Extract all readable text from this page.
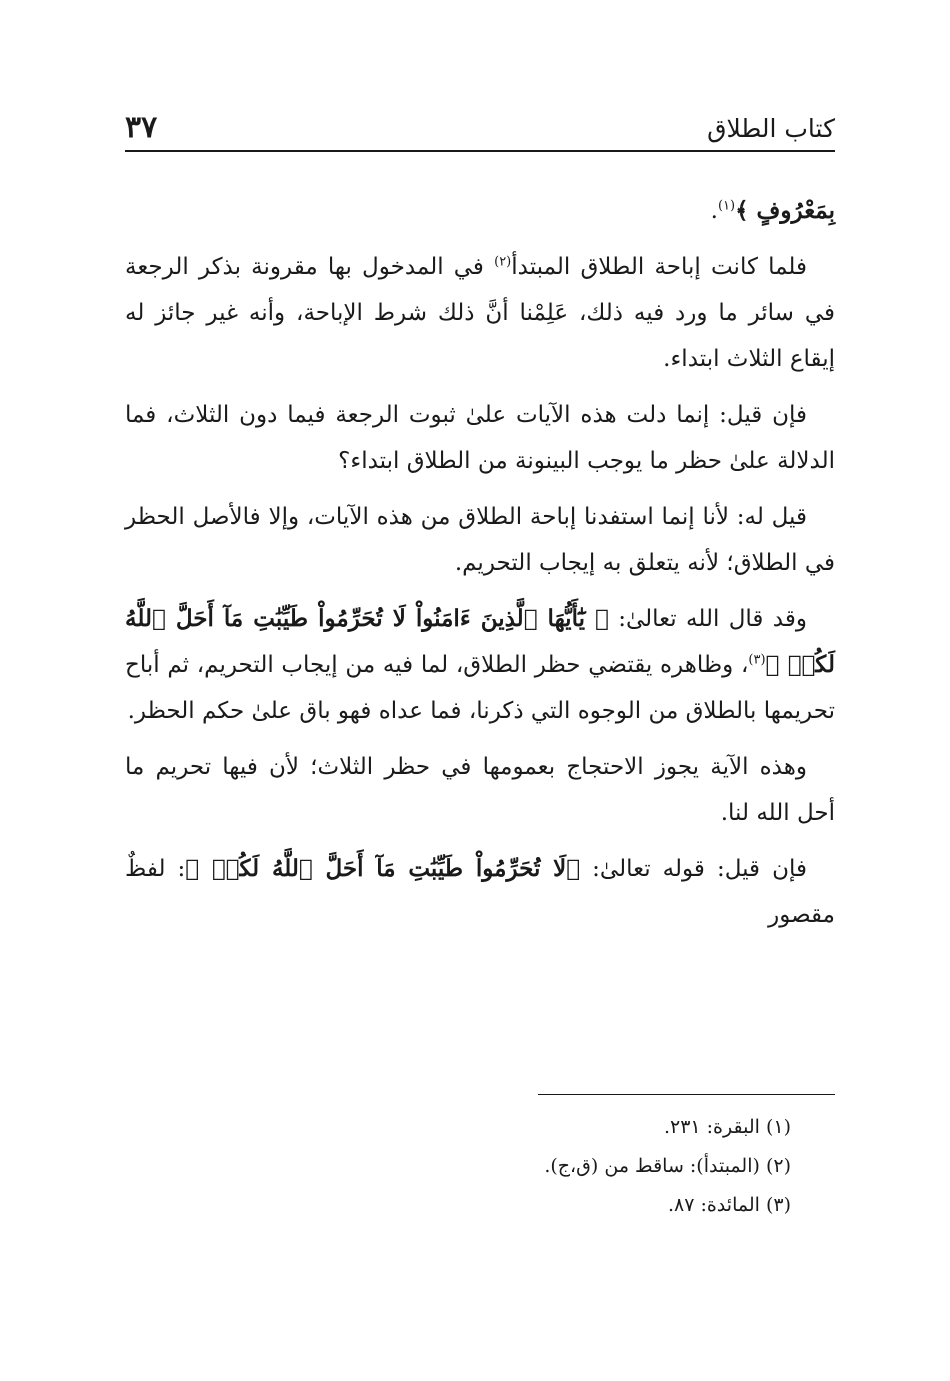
كتاب الطلاق
٣٧

بِمَعْرُوفٍ ﴾$^{(١)}$.

فلما كانت إباحة الطلاق المبتدأ$^{(٢)}$ في المدخول بها مقرونة بذكر الرجعة في سائر ما ورد فيه ذلك، عَلِمْنا أنَّ ذلك شرط الإباحة، وأنه غير جائز له إيقاع الثلاث ابتداء.

فإن قيل: إنما دلت هذه الآيات علىٰ ثبوت الرجعة فيما دون الثلاث، فما الدلالة علىٰ حظر ما يوجب البينونة من الطلاق ابتداء؟

قيل له: لأنا إنما استفدنا إباحة الطلاق من هذه الآيات، وإلا فالأصل الحظر في الطلاق؛ لأنه يتعلق به إيجاب التحريم.

وقد قال الله تعالىٰ: ﴿ يَٰٓأَيُّهَا ٱلَّذِينَ ءَامَنُواْ لَا تُحَرِّمُواْ طَيِّبَٰتِ مَآ أَحَلَّ ٱللَّهُ لَكُمۡ ﴾$^{(٣)}$، وظاهره يقتضي حظر الطلاق، لما فيه من إيجاب التحريم، ثم أباح تحريمها بالطلاق من الوجوه التي ذكرنا، فما عداه فهو باق علىٰ حكم الحظر.

وهذه الآية يجوز الاحتجاج بعمومها في حظر الثلاث؛ لأن فيها تحريم ما أحل الله لنا.

فإن قيل: قوله تعالىٰ: ﴿لَا تُحَرِّمُواْ طَيِّبَٰتِ مَآ أَحَلَّ ٱللَّهُ لَكُمۡ ﴾: لفظٌ مقصور

(١) البقرة: ٢٣١.
(٢) (المبتدأ): ساقط من (ق،ج).
(٣) المائدة: ٨٧.
